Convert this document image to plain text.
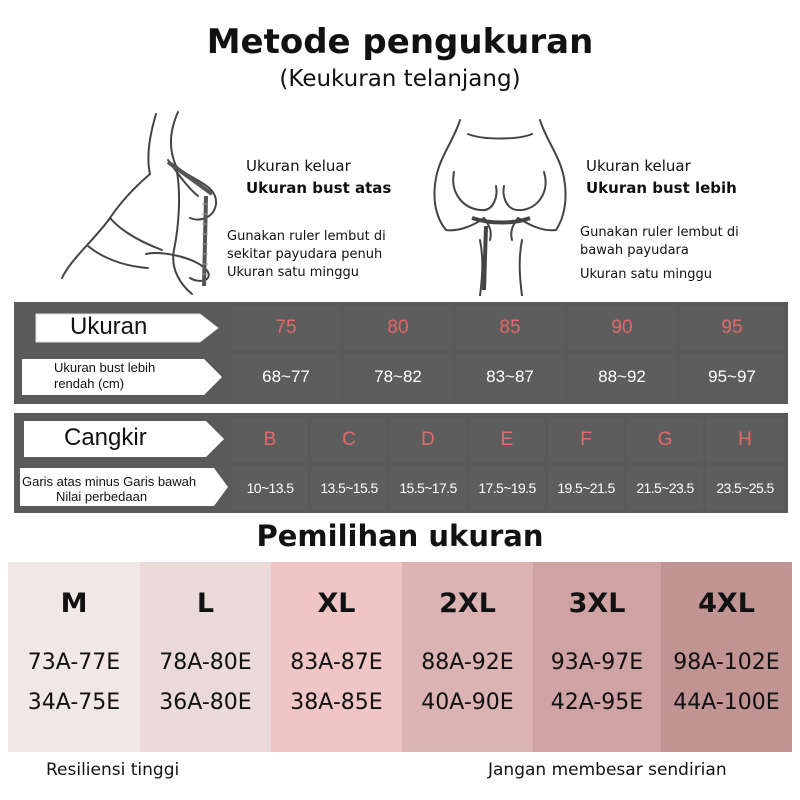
Metode pengukuran
(Keukuran telanjang)
Ukuran keluar
Ukuran bust atas
Gunakan ruler lembut di
sekitar payudara penuh
Ukuran satu minggu
Ukuran keluar
Ukuran bust lebih
Gunakan ruler lembut di
bawah payudara
Ukuran satu minggu
Ukuran
Ukuran bust lebih
rendah (cm)
75	80	85	90	95
68~77	78~82	83~87	88~92	95~97
Cangkir
Garis atas minus Garis bawah
Nilai perbedaan
B	C	D	E	F	G	H
10~13.5 13.5~15.5 15.5~17.5 17.5~19.5 19.5~21.5 21.5~23.5 23.5~25.5
Pemilihan ukuran
M
73A-77E
34A-75E
L
78A-80E
36A-80E
XL
83A-87E
38A-85E
2XL
88A-92E
40A-90E
3XL
93A-97E
42A-95E
4XL
98A-102E
44A-100E
Resiliensi tinggi	Jangan membesar sendirian
